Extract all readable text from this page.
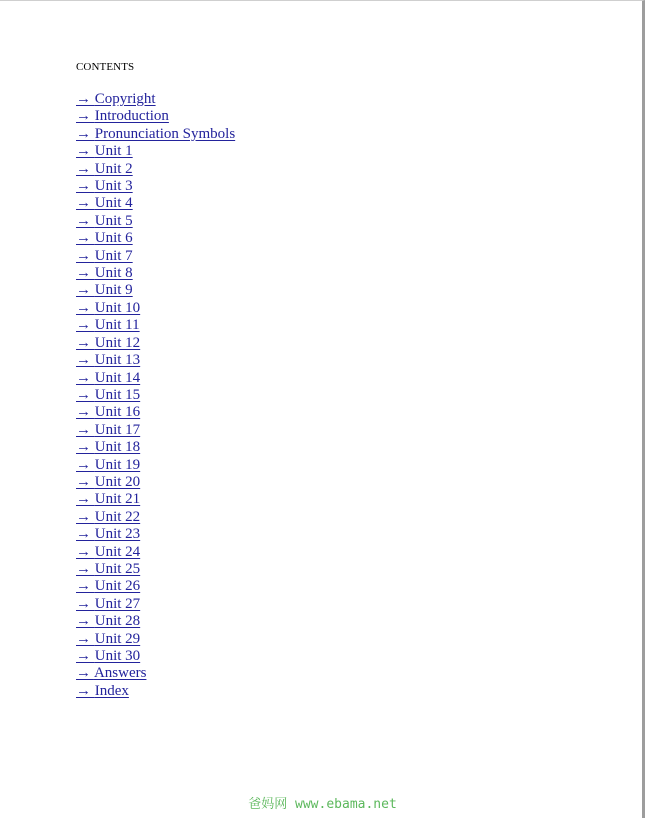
CONTENTS
→ Copyright
→ Introduction
→ Pronunciation Symbols
→ Unit 1
→ Unit 2
→ Unit 3
→ Unit 4
→ Unit 5
→ Unit 6
→ Unit 7
→ Unit 8
→ Unit 9
→ Unit 10
→ Unit 11
→ Unit 12
→ Unit 13
→ Unit 14
→ Unit 15
→ Unit 16
→ Unit 17
→ Unit 18
→ Unit 19
→ Unit 20
→ Unit 21
→ Unit 22
→ Unit 23
→ Unit 24
→ Unit 25
→ Unit 26
→ Unit 27
→ Unit 28
→ Unit 29
→ Unit 30
→ Answers
→ Index
爸妈网 www.ebama.net
